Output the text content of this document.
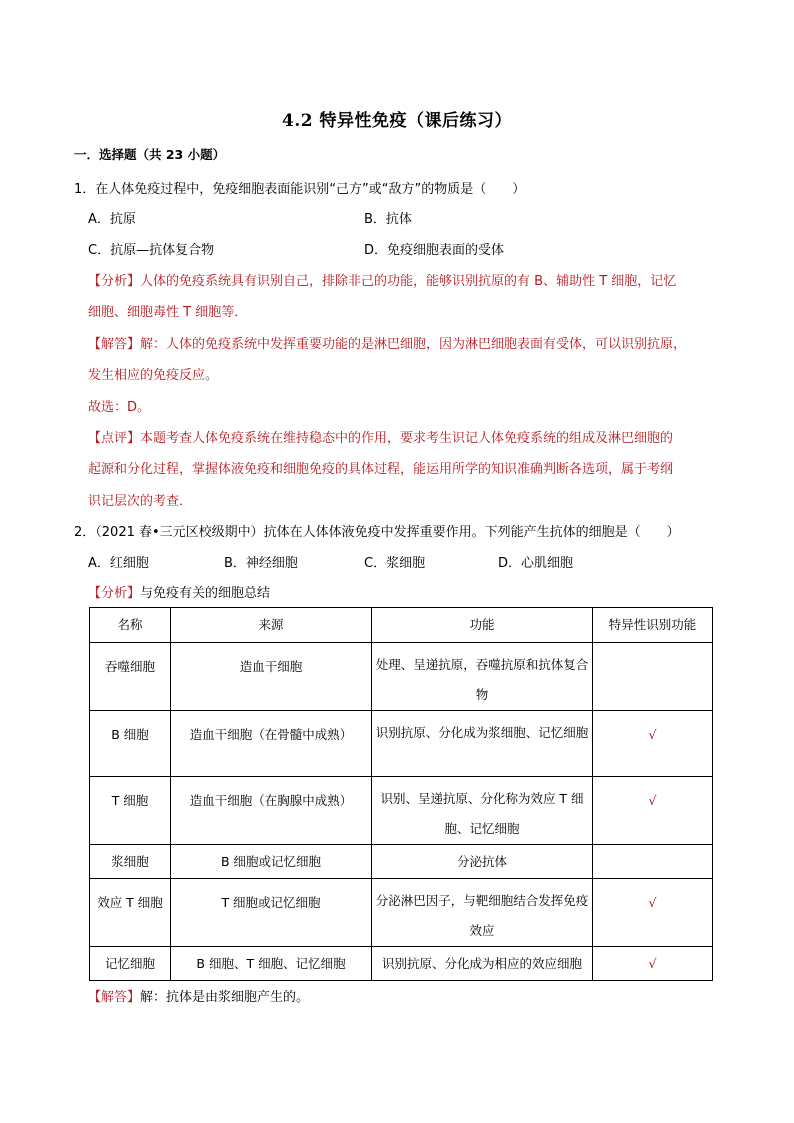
4.2 特异性免疫（课后练习）
一．选择题（共 23 小题）
1．在人体免疫过程中，免疫细胞表面能识别“己方”或“敌方”的物质是（　　）
A．抗原	B．抗体
C．抗原—抗体复合物	D．免疫细胞表面的受体
【分析】人体的免疫系统具有识别自己，排除非己的功能，能够识别抗原的有 B、辅助性 T 细胞，记忆
细胞、细胞毒性 T 细胞等．
【解答】解：人体的免疫系统中发挥重要功能的是淋巴细胞，因为淋巴细胞表面有受体，可以识别抗原，
发生相应的免疫反应。
故选：D。
【点评】本题考查人体免疫系统在维持稳态中的作用，要求考生识记人体免疫系统的组成及淋巴细胞的
起源和分化过程，掌握体液免疫和细胞免疫的具体过程，能运用所学的知识准确判断各选项，属于考纲
识记层次的考查．
2．（2021 春•三元区校级期中）抗体在人体体液免疫中发挥重要作用。下列能产生抗体的细胞是（　　）
A．红细胞	B．神经细胞	C．浆细胞	D．心肌细胞
【分析】与免疫有关的细胞总结
名称	来源	功能	特异性识别功能
吞噬细胞	造血干细胞	处理、呈递抗原，吞噬抗原和抗体复合物	
B 细胞	造血干细胞（在骨髓中成熟）	识别抗原、分化成为浆细胞、记忆细胞	√
T 细胞	造血干细胞（在胸腺中成熟）	识别、呈递抗原、分化称为效应 T 细胞、记忆细胞	√
浆细胞	B 细胞或记忆细胞	分泌抗体	
效应 T 细胞	T 细胞或记忆细胞	分泌淋巴因子，与靶细胞结合发挥免疫效应	√
记忆细胞	B 细胞、T 细胞、记忆细胞	识别抗原、分化成为相应的效应细胞	√
【解答】解：抗体是由浆细胞产生的。
